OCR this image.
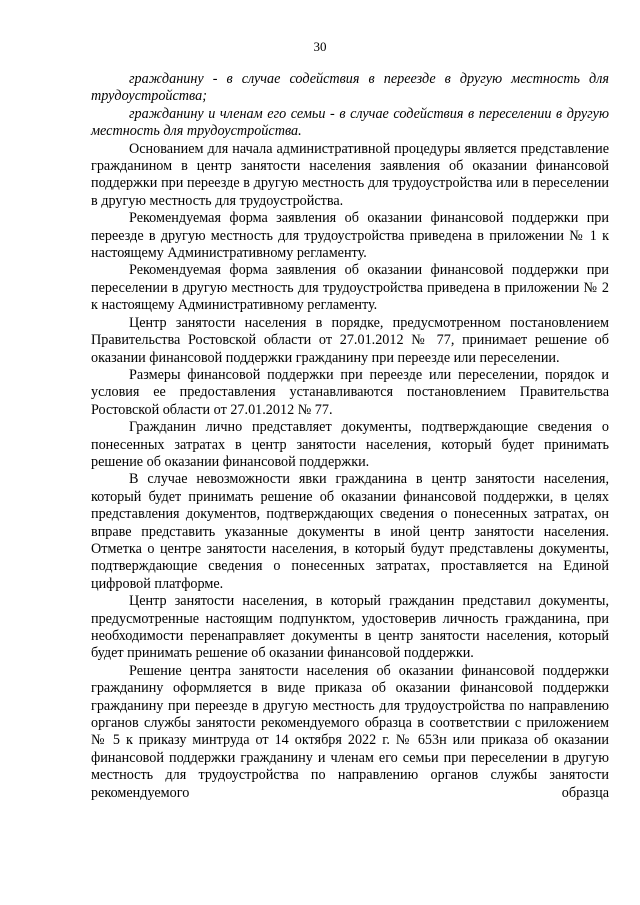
30

гражданину - в случае содействия в переезде в другую местность для трудоустройства;

гражданину и членам его семьи - в случае содействия в переселении в другую местность для трудоустройства.

Основанием для начала административной процедуры является представление гражданином в центр занятости населения заявления об оказании финансовой поддержки при переезде в другую местность для трудоустройства или в переселении в другую местность для трудоустройства.

Рекомендуемая форма заявления об оказании финансовой поддержки при переезде в другую местность для трудоустройства приведена в приложении № 1 к настоящему Административному регламенту.

Рекомендуемая форма заявления об оказании финансовой поддержки при переселении в другую местность для трудоустройства приведена в приложении № 2 к настоящему Административному регламенту.

Центр занятости населения в порядке, предусмотренном постановлением Правительства Ростовской области от 27.01.2012 № 77, принимает решение об оказании финансовой поддержки гражданину при переезде или переселении.

Размеры финансовой поддержки при переезде или переселении, порядок и условия ее предоставления устанавливаются постановлением Правительства Ростовской области от 27.01.2012 № 77.

Гражданин лично представляет документы, подтверждающие сведения о понесенных затратах в центр занятости населения, который будет принимать решение об оказании финансовой поддержки.

В случае невозможности явки гражданина в центр занятости населения, который будет принимать решение об оказании финансовой поддержки, в целях представления документов, подтверждающих сведения о понесенных затратах, он вправе представить указанные документы в иной центр занятости населения. Отметка о центре занятости населения, в который будут представлены документы, подтверждающие сведения о понесенных затратах, проставляется на Единой цифровой платформе.

Центр занятости населения, в который гражданин представил документы, предусмотренные настоящим подпунктом, удостоверив личность гражданина, при необходимости перенаправляет документы в центр занятости населения, который будет принимать решение об оказании финансовой поддержки.

Решение центра занятости населения об оказании финансовой поддержки гражданину оформляется в виде приказа об оказании финансовой поддержки гражданину при переезде в другую местность для трудоустройства по направлению органов службы занятости рекомендуемого образца в соответствии с приложением № 5 к приказу минтруда от 14 октября 2022 г. № 653н или приказа об оказании финансовой поддержки гражданину и членам его семьи при переселении в другую местность для трудоустройства по направлению органов службы занятости рекомендуемого образца
